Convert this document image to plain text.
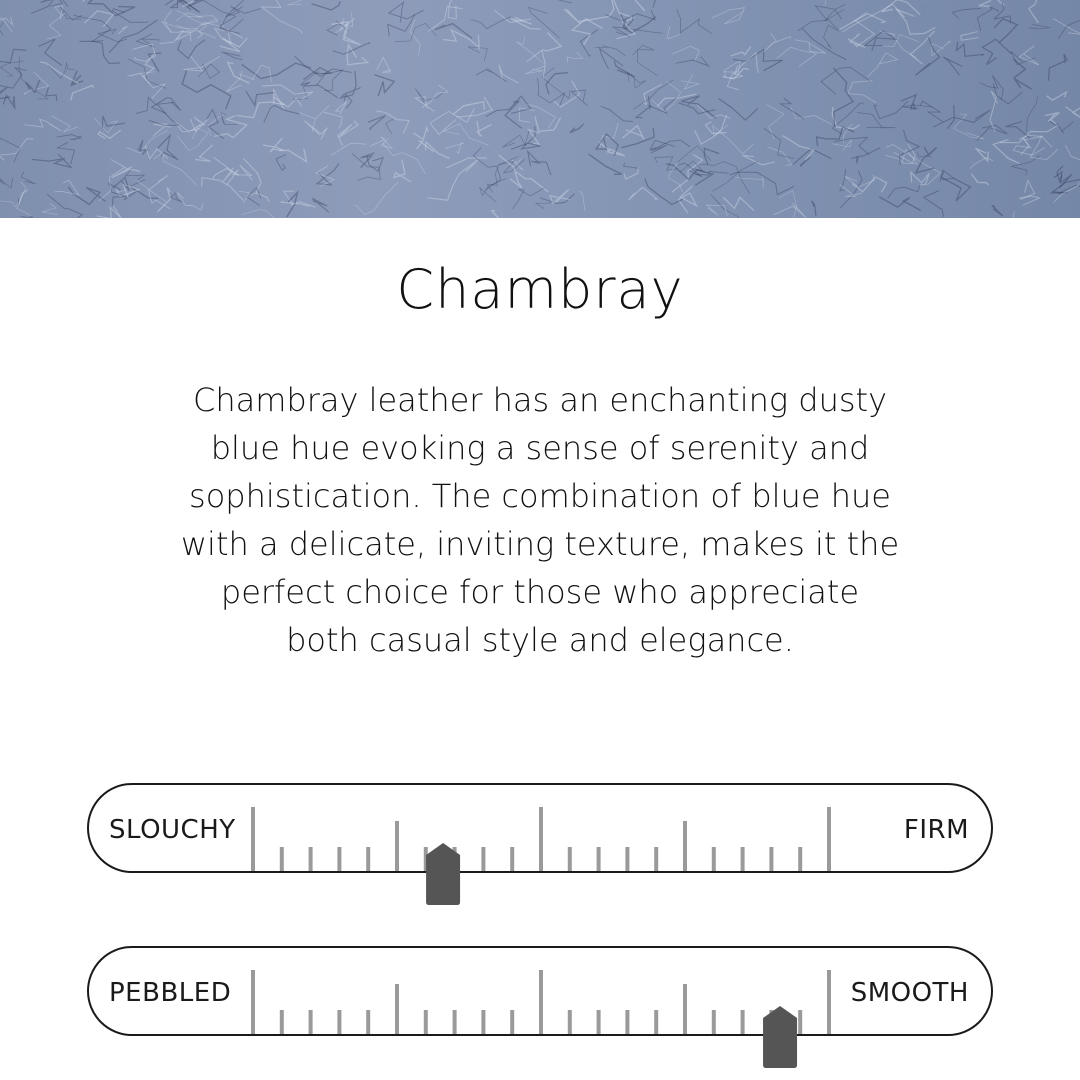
Chambray

Chambray leather has an enchanting dusty blue hue evoking a sense of serenity and sophistication. The combination of blue hue with a delicate, inviting texture, makes it the perfect choice for those who appreciate both casual style and elegance.

SLOUCHY	FIRM
PEBBLED	SMOOTH
